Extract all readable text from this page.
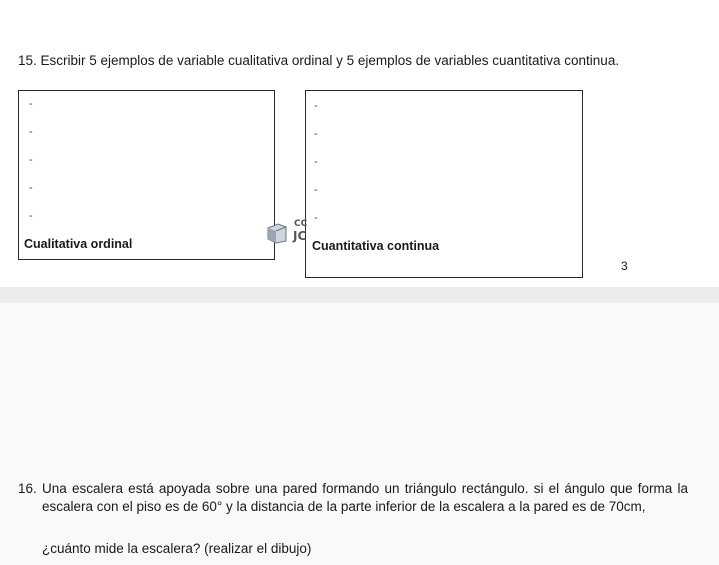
15. Escribir 5 ejemplos de variable cualitativa ordinal y 5 ejemplos de variables cuantitativa continua.
-
-
-
-
-
Cualitativa ordinal
-
-
-
-
-
Cuantitativa continua
CC
JC
3
16. Una escalera está apoyada sobre una pared formando un triángulo rectángulo. si el ángulo que forma la escalera con el piso es de 60° y la distancia de la parte inferior de la escalera a la pared es de 70cm,
¿cuánto mide la escalera? (realizar el dibujo)
